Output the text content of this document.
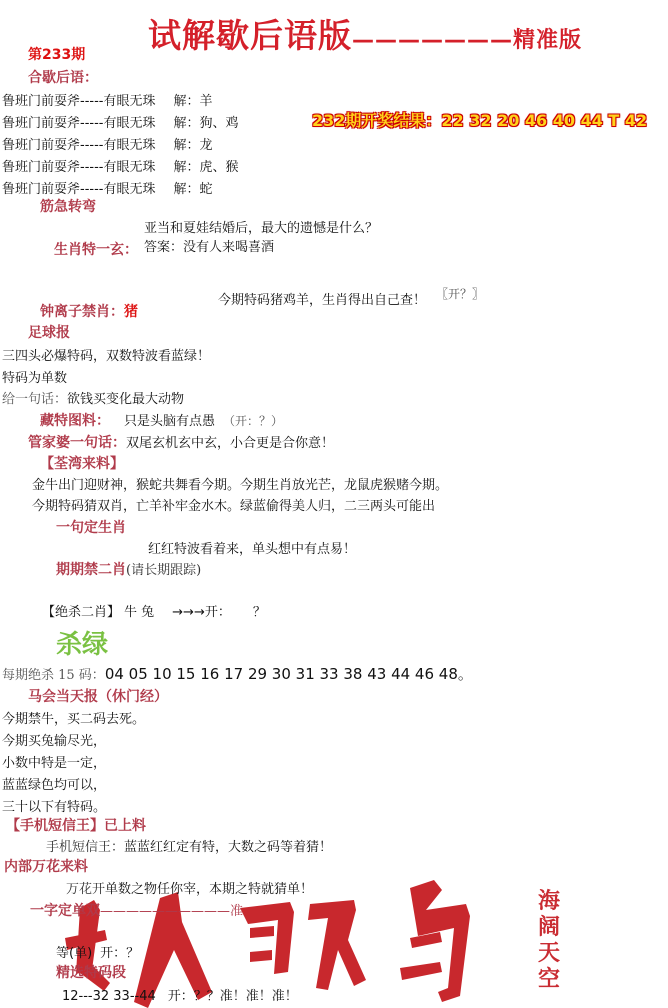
试解歇后语版———————精准版
第233期
合歇后语：
鲁班门前耍斧-----有眼无珠 解：羊
鲁班门前耍斧-----有眼无珠 解：狗、鸡
鲁班门前耍斧-----有眼无珠 解：龙
鲁班门前耍斧-----有眼无珠 解：虎、猴
鲁班门前耍斧-----有眼无珠 解：蛇
232期开奖结果：22 32 20 46 40 44 T 42
筋急转弯
亚当和夏娃结婚后，最大的遗憾是什么？
生肖特一玄： 答案：没有人来喝喜酒
今期特码猪鸡羊，生肖得出自己查！ 〖开？〗
钟离子禁肖：猪
足球报
三四头必爆特码，双数特波看蓝绿！
特码为单数
给一句话：欲钱买变化最大动物
藏特图料： 只是头脑有点愚 （开：？）
管家婆一句话：双尾玄机玄中玄，小合更是合你意！
【荃湾来料】
金牛出门迎财神，猴蛇共舞看今期。今期生肖放光芒，龙鼠虎猴赌今期。
今期特码猜双肖，亡羊补牢金水木。绿蓝偷得美人归，二三两头可能出
一句定生肖
红红特波看着来，单头想中有点易！
期期禁二肖(请长期跟踪)
【绝杀二肖】 牛 兔 →→→开： ？
杀绿
每期绝杀 15 码：04 05 10 15 16 17 29 30 31 33 38 43 44 46 48。
马会当天报（休门经）
今期禁牛，买二码去死。
今期买兔输尽光，
小数中特是一定，
蓝蓝绿色均可以，
三十以下有特码。
【手机短信王】已上料
手机短信王：蓝蓝红红定有特，大数之码等着猜！
内部万花来料
海
阔
天
空
万花开单数之物任你宰，本期之特就猜单！
一字定单双——————————准
等(单) 开：？
精选特码段
12---32 33--44 开：？？准！准！准！
